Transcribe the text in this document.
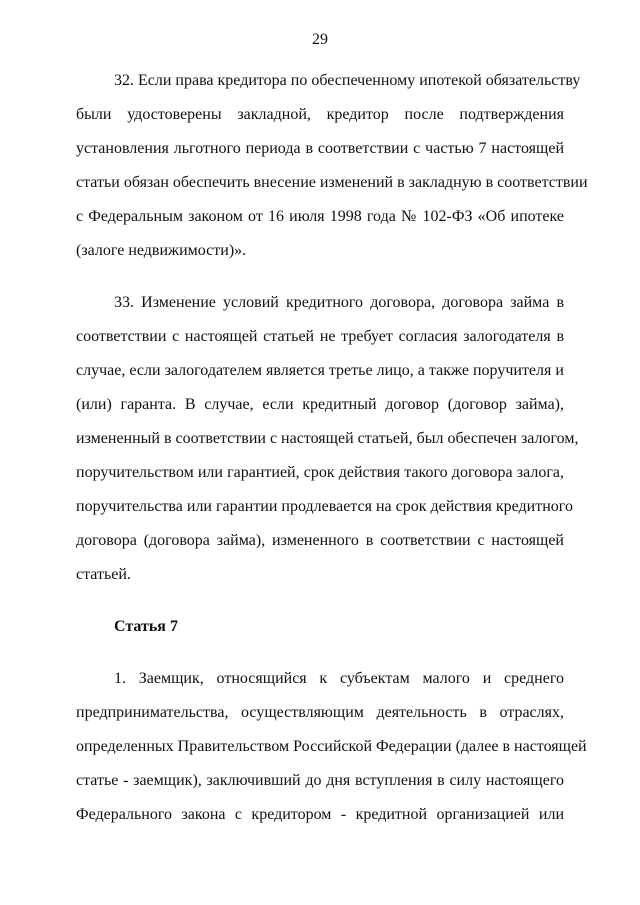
29
32. Если права кредитора по обеспеченному ипотекой обязательству
были удостоверены закладной, кредитор после подтверждения
установления льготного периода в соответствии с частью 7 настоящей
статьи обязан обеспечить внесение изменений в закладную в соответствии
с Федеральным законом от 16 июля 1998 года № 102-ФЗ «Об ипотеке
(залоге недвижимости)».
33. Изменение условий кредитного договора, договора займа в
соответствии с настоящей статьей не требует согласия залогодателя в
случае, если залогодателем является третье лицо, а также поручителя и
(или) гаранта. В случае, если кредитный договор (договор займа),
измененный в соответствии с настоящей статьей, был обеспечен залогом,
поручительством или гарантией, срок действия такого договора залога,
поручительства или гарантии продлевается на срок действия кредитного
договора (договора займа), измененного в соответствии с настоящей
статьей.
Статья 7
1. Заемщик, относящийся к субъектам малого и среднего
предпринимательства, осуществляющим деятельность в отраслях,
определенных Правительством Российской Федерации (далее в настоящей
статье - заемщик), заключивший до дня вступления в силу настоящего
Федерального закона с кредитором - кредитной организацией или
